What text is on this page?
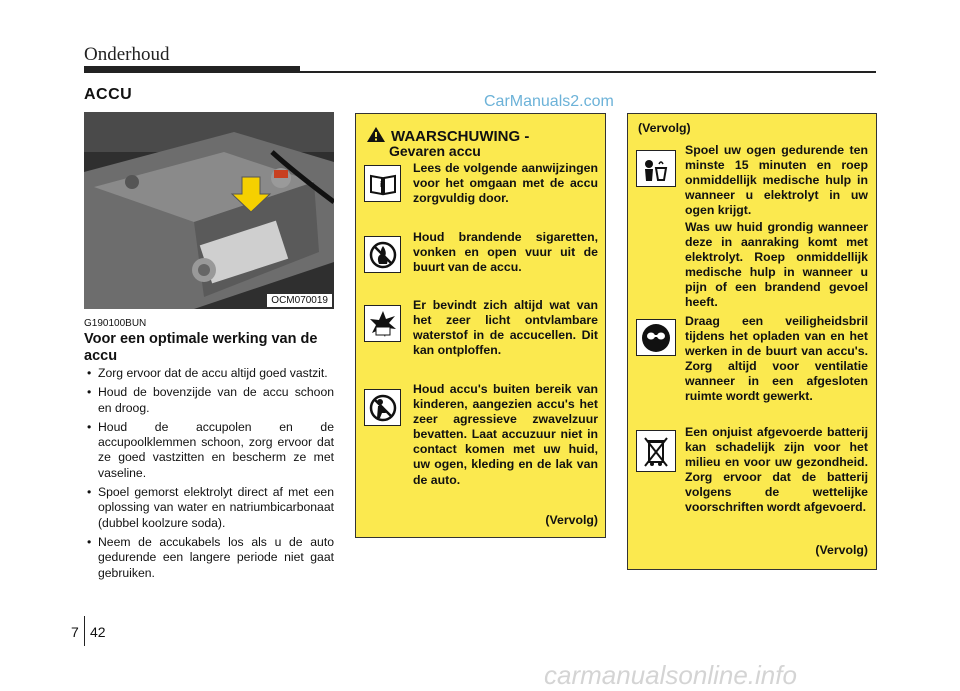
Onderhoud
ACCU	CarManuals2.com
OCM070019
G190100BUN
Voor een optimale werking van de accu
• Zorg ervoor dat de accu altijd goed vastzit.
• Houd de bovenzijde van de accu schoon en droog.
• Houd de accupolen en de accupoolklemmen schoon, zorg ervoor dat ze goed vastzitten en bescherm ze met vaseline.
• Spoel gemorst elektrolyt direct af met een oplossing van water en natriumbicarbonaat (dubbel koolzure soda).
• Neem de accukabels los als u de auto gedurende een langere periode niet gaat gebruiken.
WAARSCHUWING -
Gevaren accu
i
Lees de volgende aanwijzingen voor het omgaan met de accu zorgvuldig door.
Houd brandende sigaretten, vonken en open vuur uit de buurt van de accu.
Er bevindt zich altijd wat van het zeer licht ontvlambare waterstof in de accucellen. Dit kan ontploffen.
Houd accu's buiten bereik van kinderen, aangezien accu's het zeer agressieve zwavelzuur bevatten. Laat accuzuur niet in contact komen met uw huid, uw ogen, kleding en de lak van de auto.
(Vervolg)
(Vervolg)
Spoel uw ogen gedurende ten minste 15 minuten en roep onmiddellijk medische hulp in wanneer u elektrolyt in uw ogen krijgt.
Was uw huid grondig wanneer deze in aanraking komt met elektrolyt. Roep onmiddellijk medische hulp in wanneer u pijn of een brandend gevoel heeft.
Draag een veiligheidsbril tijdens het opladen van en het werken in de buurt van accu's. Zorg altijd voor ventilatie wanneer in een afgesloten ruimte wordt gewerkt.
Een onjuist afgevoerde batterij kan schadelijk zijn voor het milieu en voor uw gezondheid. Zorg ervoor dat de batterij volgens de wettelijke voorschriften wordt afgevoerd.
(Vervolg)
7 42
carmanualsonline.info
